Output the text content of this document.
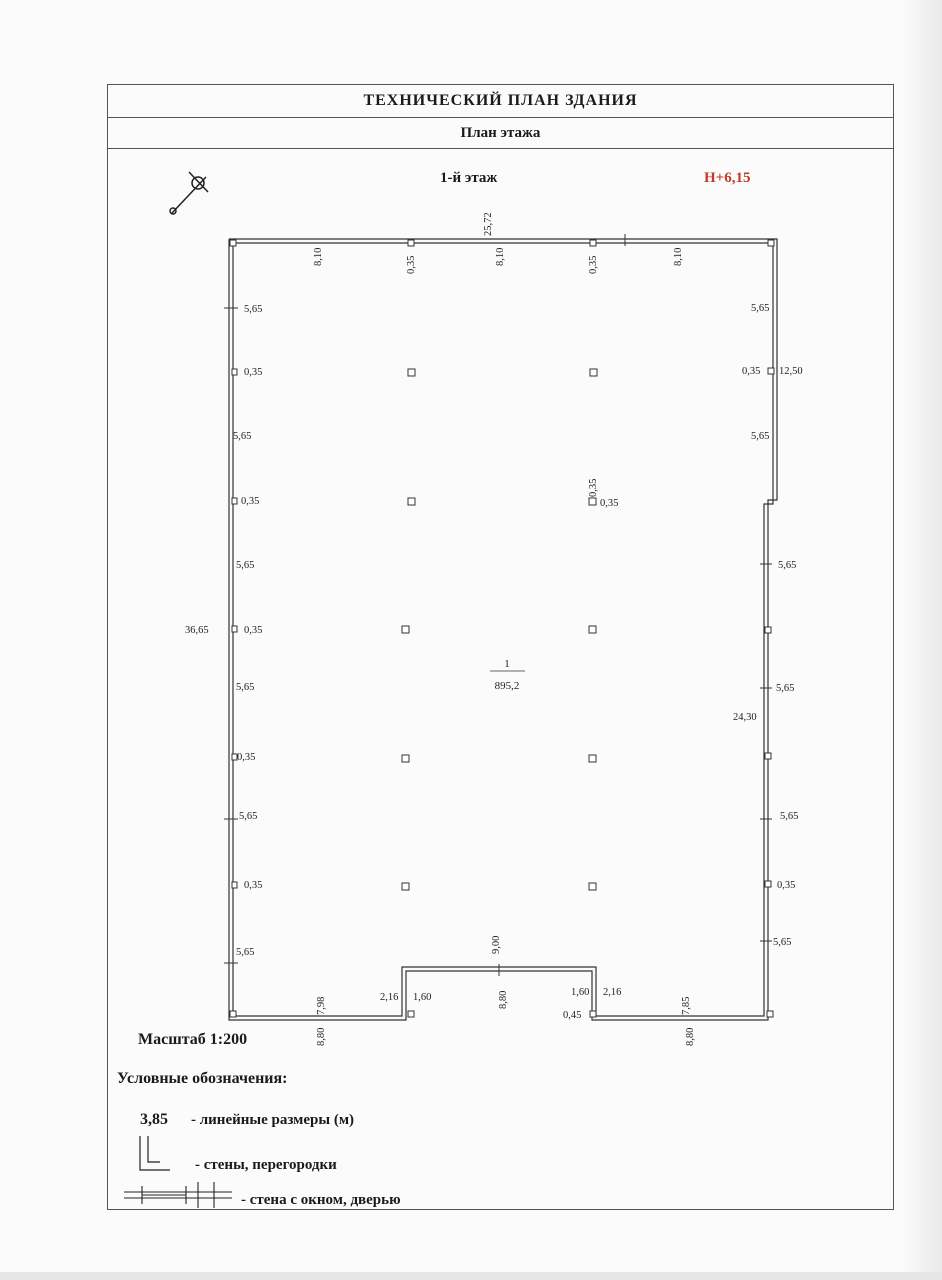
ТЕХНИЧЕСКИЙ ПЛАН ЗДАНИЯ
План этажа
1-й этаж	Н+6,15
1
895,2
25,72
8,10	0,35	8,10	0,35	8,10
5,65
0,35
5,65
0,35
5,65
0,35
5,65
0,35
5,65
0,35
5,65
36,65
5,65
0,35 12,50
5,65
0,35
0,35
5,65
5,65
24,30
5,65
0,35
5,65
9,00
2,16 1,60	8,80	1,60 2,16
0,45
7,98
8,80
7,85
8,80
Масштаб 1:200
Условные обозначения:
3,85 - линейные размеры (м)
- стены, перегородки
- стена с окном, дверью
